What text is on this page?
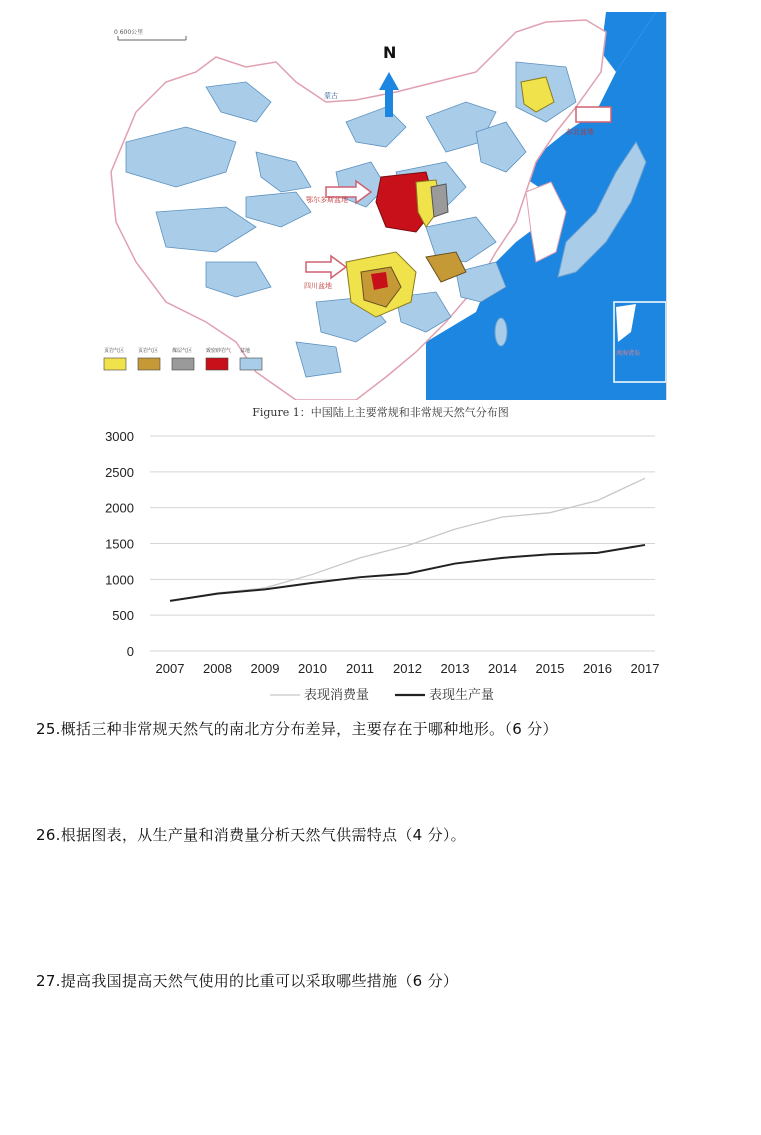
0 600公里
N
蒙古
四川盆地
鄂尔多斯盆地
东北盆地
南海诸岛
页岩气区	页岩气区	煤层气区	致密砂岩气 盆地
Figure 1：中国陆上主要常规和非常规天然气分布图
0
500
1000
1500
2000
2500
3000
2007 2008 2009 2010 2011 2012 2013 2014 2015 2016 2017
表现消费量	表现生产量
25.概括三种非常规天然气的南北方分布差异，主要存在于哪种地形。（6 分）
26.根据图表，从生产量和消费量分析天然气供需特点（4 分）。
27.提高我国提高天然气使用的比重可以采取哪些措施（6 分）
